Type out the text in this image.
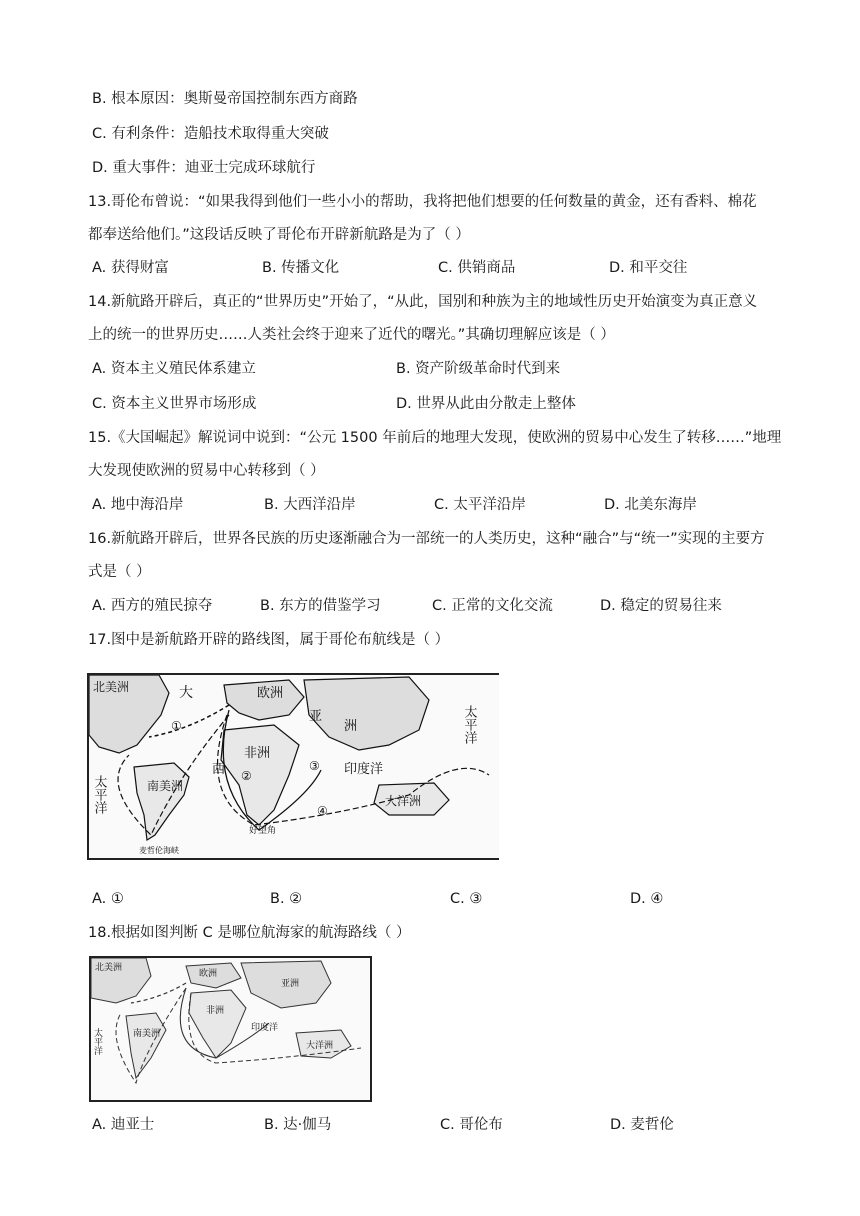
B. 根本原因：奥斯曼帝国控制东西方商路
C. 有利条件：造船技术取得重大突破
D. 重大事件：迪亚士完成环球航行
13.哥伦布曾说：“如果我得到他们一些小小的帮助，我将把他们想要的任何数量的黄金，还有香料、棉花
都奉送给他们。”这段话反映了哥伦布开辟新航路是为了（ ）
A. 获得财富	B. 传播文化	C. 供销商品	D. 和平交往
14.新航路开辟后，真正的“世界历史”开始了，“从此，国别和种族为主的地域性历史开始演变为真正意义
上的统一的世界历史……人类社会终于迎来了近代的曙光。”其确切理解应该是（ ）
A. 资本主义殖民体系建立	B. 资产阶级革命时代到来
C. 资本主义世界市场形成	D. 世界从此由分散走上整体
15.《大国崛起》解说词中说到：“公元 1500 年前后的地理大发现，使欧洲的贸易中心发生了转移……”地理
大发现使欧洲的贸易中心转移到（ ）
A. 地中海沿岸	B. 大西洋沿岸	C. 太平洋沿岸	D. 北美东海岸
16.新航路开辟后，世界各民族的历史逐渐融合为一部统一的人类历史，这种“融合”与“统一”实现的主要方
式是（ ）
A. 西方的殖民掠夺	B. 东方的借鉴学习	C. 正常的文化交流	D. 稳定的贸易往来
17.图中是新航路开辟的路线图，属于哥伦布航线是（ ）
北美洲	大	欧洲
亚
洲	太平洋
非洲
西
南美洲
太平洋
印度洋
大洋洲
好望角
麦哲伦海峡
①
②
③
④
A. ①	B. ②	C. ③	D. ④
18.根据如图判断 C 是哪位航海家的航海路线（ ）
北美洲
欧洲
亚洲
非洲
南美洲
印度洋
大洋洲
太平洋
A. 迪亚士	B. 达·伽马	C. 哥伦布	D. 麦哲伦
